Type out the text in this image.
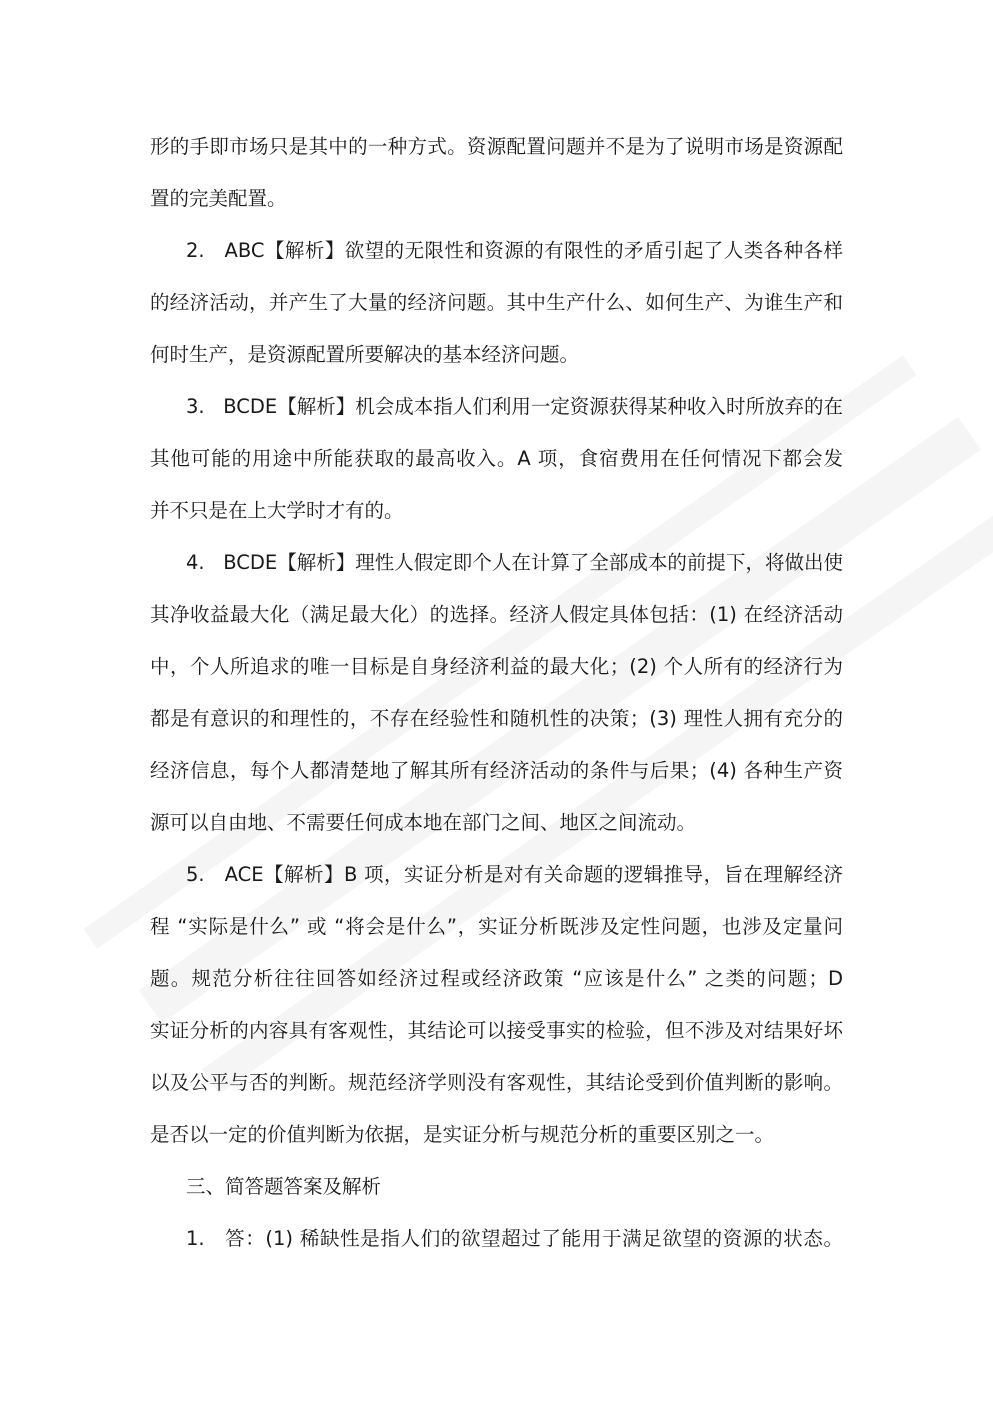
形的手即市场只是其中的一种方式。资源配置问题并不是为了说明市场是资源配
置的完美配置。
2.   ABC【解析】欲望的无限性和资源的有限性的矛盾引起了人类各种各样
的经济活动，并产生了大量的经济问题。其中生产什么、如何生产、为谁生产和
何时生产，是资源配置所要解决的基本经济问题。
3.   BCDE【解析】机会成本指人们利用一定资源获得某种收入时所放弃的在
其他可能的用途中所能获取的最高收入。A 项，食宿费用在任何情况下都会发
并不只是在上大学时才有的。
4.   BCDE【解析】理性人假定即个人在计算了全部成本的前提下，将做出使
其净收益最大化（满足最大化）的选择。经济人假定具体包括：(1) 在经济活动
中，个人所追求的唯一目标是自身经济利益的最大化；(2) 个人所有的经济行为
都是有意识的和理性的，不存在经验性和随机性的决策；(3) 理性人拥有充分的
经济信息，每个人都清楚地了解其所有经济活动的条件与后果；(4) 各种生产资
源可以自由地、不需要任何成本地在部门之间、地区之间流动。
5.   ACE【解析】B 项，实证分析是对有关命题的逻辑推导，旨在理解经济
程 “实际是什么” 或 “将会是什么”，实证分析既涉及定性问题，也涉及定量问
题。规范分析往往回答如经济过程或经济政策 “应该是什么” 之类的问题；D
实证分析的内容具有客观性，其结论可以接受事实的检验，但不涉及对结果好坏
以及公平与否的判断。规范经济学则没有客观性，其结论受到价值判断的影响。
是否以一定的价值判断为依据，是实证分析与规范分析的重要区别之一。
三、简答题答案及解析
1.   答：(1) 稀缺性是指人们的欲望超过了能用于满足欲望的资源的状态。
